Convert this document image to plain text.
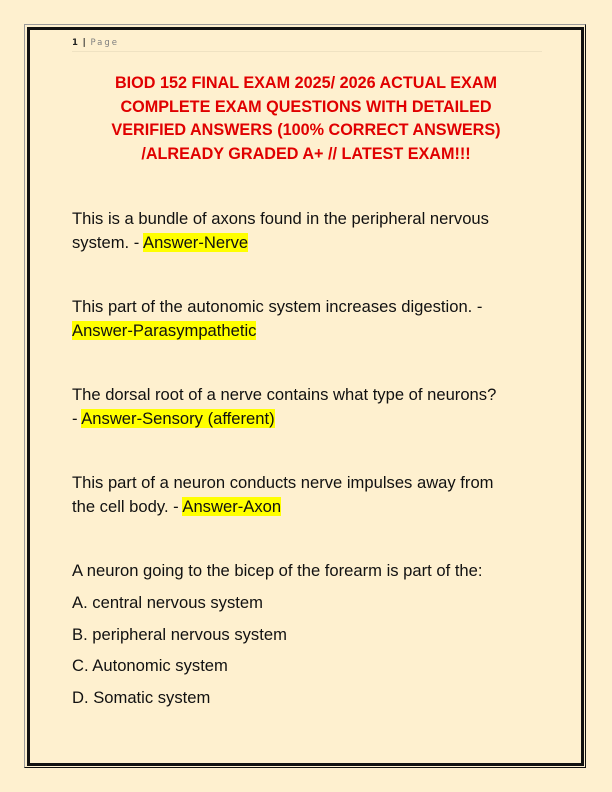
1 | Page
BIOD 152 FINAL EXAM 2025/ 2026 ACTUAL EXAM
COMPLETE EXAM QUESTIONS WITH DETAILED
VERIFIED ANSWERS (100% CORRECT ANSWERS)
/ALREADY GRADED A+ // LATEST EXAM!!!
This is a bundle of axons found in the peripheral nervous
system. - Answer-Nerve
This part of the autonomic system increases digestion. -
Answer-Parasympathetic
The dorsal root of a nerve contains what type of neurons?
- Answer-Sensory (afferent)
This part of a neuron conducts nerve impulses away from
the cell body. - Answer-Axon
A neuron going to the bicep of the forearm is part of the:
A. central nervous system
B. peripheral nervous system
C. Autonomic system
D. Somatic system
